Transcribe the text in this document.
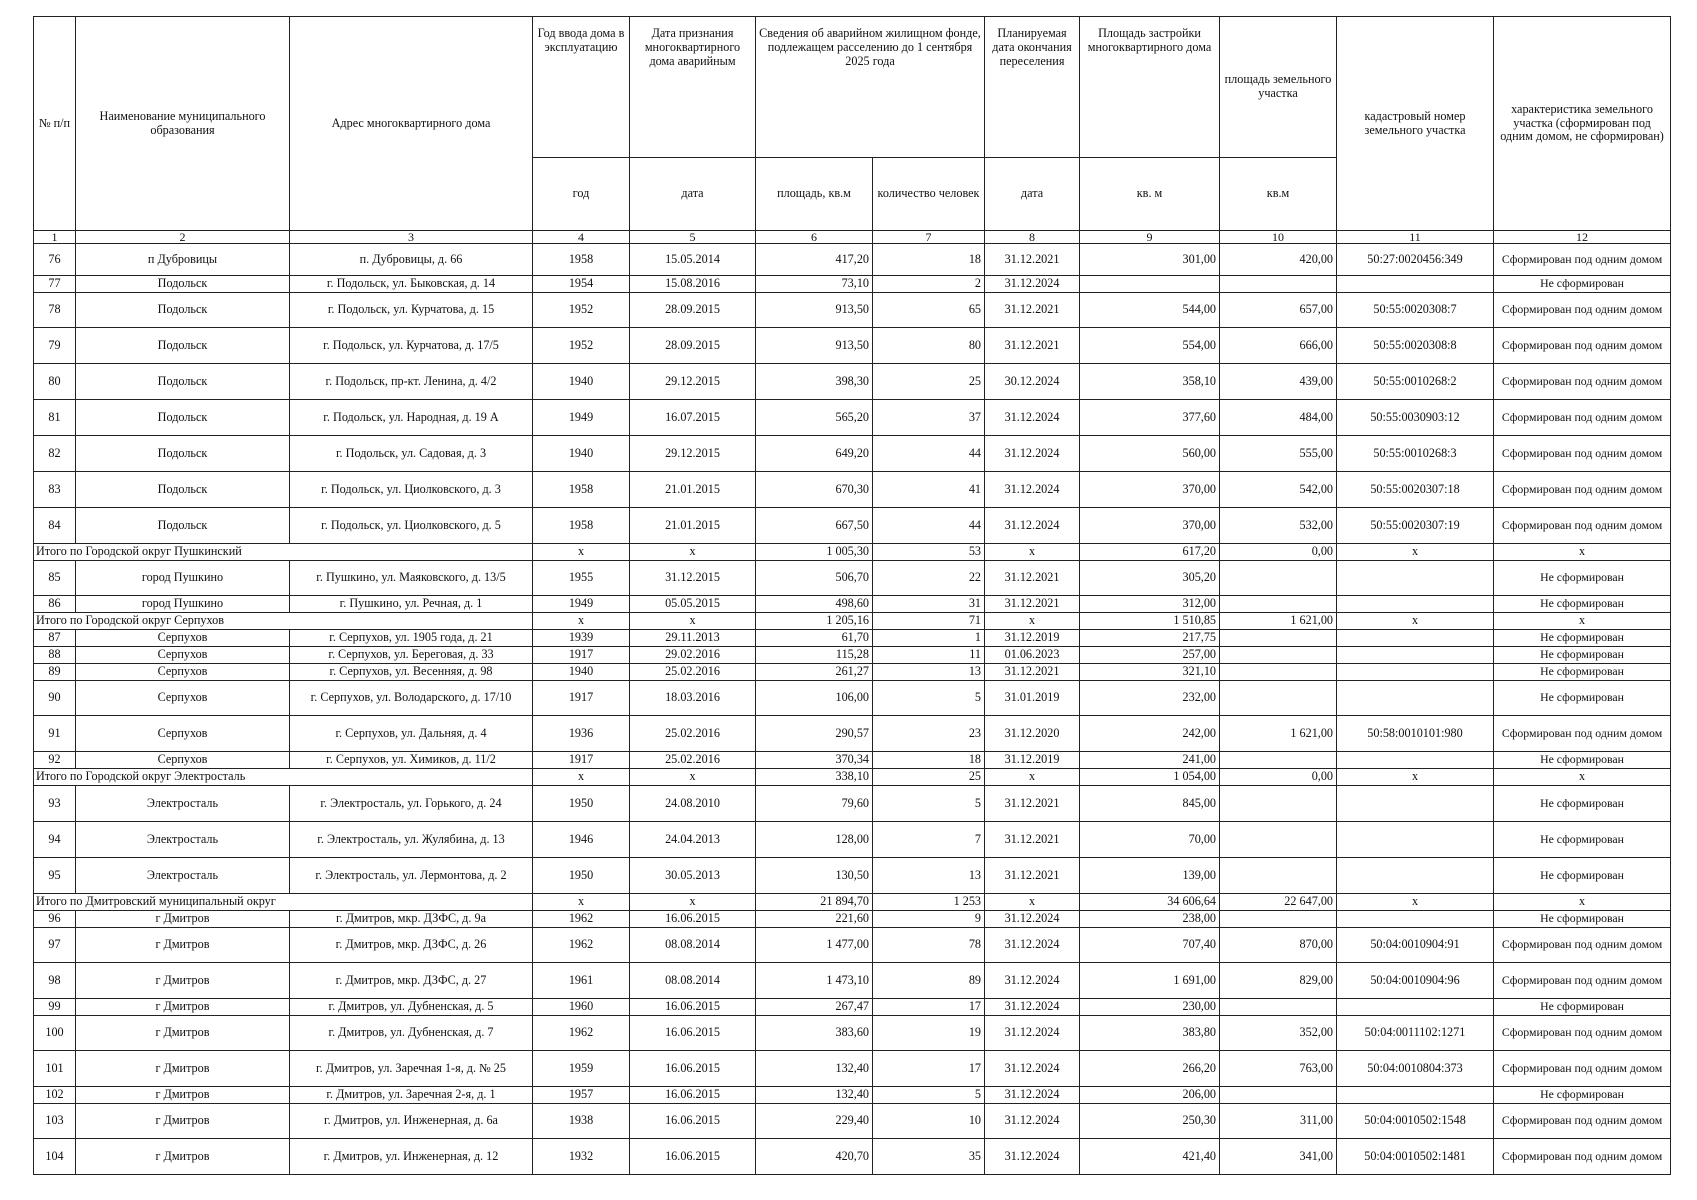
№ п/п	Наименование муниципального образования	Адрес многоквартирного дома	Год ввода дома в эксплуатацию	Дата признания многоквартирного дома аварийным	Сведения об аварийном жилищном фонде, подлежащем расселению до 1 сентября 2025 года		Планируемая дата окончания переселения	Площадь застройки многоквартирного дома	площадь земельного участка	кадастровый номер земельного участка	характеристика земельного участка (сформирован под одним домом, не сформирован)
			год	дата	площадь, кв.м	количество человек	дата	кв. м	кв.м		
1	2	3	4	5	6	7	8	9	10	11	12
76	п Дубровицы	п. Дубровицы, д. 66	1958	15.05.2014	417,20	18	31.12.2021	301,00	420,00	50:27:0020456:349	Сформирован под одним домом
77	Подольск	г. Подольск, ул. Быковская, д. 14	1954	15.08.2016	73,10	2	31.12.2024				Не сформирован
78	Подольск	г. Подольск, ул. Курчатова, д. 15	1952	28.09.2015	913,50	65	31.12.2021	544,00	657,00	50:55:0020308:7	Сформирован под одним домом
79	Подольск	г. Подольск, ул. Курчатова, д. 17/5	1952	28.09.2015	913,50	80	31.12.2021	554,00	666,00	50:55:0020308:8	Сформирован под одним домом
80	Подольск	г. Подольск, пр-кт. Ленина, д. 4/2	1940	29.12.2015	398,30	25	30.12.2024	358,10	439,00	50:55:0010268:2	Сформирован под одним домом
81	Подольск	г. Подольск, ул. Народная, д. 19 А	1949	16.07.2015	565,20	37	31.12.2024	377,60	484,00	50:55:0030903:12	Сформирован под одним домом
82	Подольск	г. Подольск, ул. Садовая, д. 3	1940	29.12.2015	649,20	44	31.12.2024	560,00	555,00	50:55:0010268:3	Сформирован под одним домом
83	Подольск	г. Подольск, ул. Циолковского, д. 3	1958	21.01.2015	670,30	41	31.12.2024	370,00	542,00	50:55:0020307:18	Сформирован под одним домом
84	Подольск	г. Подольск, ул. Циолковского, д. 5	1958	21.01.2015	667,50	44	31.12.2024	370,00	532,00	50:55:0020307:19	Сформирован под одним домом
Итого по Городской округ Пушкинский			х	х	1 005,30	53	х	617,20	0,00	х	х
85	город Пушкино	г. Пушкино, ул. Маяковского, д. 13/5	1955	31.12.2015	506,70	22	31.12.2021	305,20			Не сформирован
86	город Пушкино	г. Пушкино, ул. Речная, д. 1	1949	05.05.2015	498,60	31	31.12.2021	312,00			Не сформирован
Итого по Городской округ Серпухов			х	х	1 205,16	71	х	1 510,85	1 621,00	х	х
87	Серпухов	г. Серпухов, ул. 1905 года, д. 21	1939	29.11.2013	61,70	1	31.12.2019	217,75			Не сформирован
88	Серпухов	г. Серпухов, ул. Береговая, д. 33	1917	29.02.2016	115,28	11	01.06.2023	257,00			Не сформирован
89	Серпухов	г. Серпухов, ул. Весенняя, д. 98	1940	25.02.2016	261,27	13	31.12.2021	321,10			Не сформирован
90	Серпухов	г. Серпухов, ул. Володарского, д. 17/10	1917	18.03.2016	106,00	5	31.01.2019	232,00			Не сформирован
91	Серпухов	г. Серпухов, ул. Дальняя, д. 4	1936	25.02.2016	290,57	23	31.12.2020	242,00	1 621,00	50:58:0010101:980	Сформирован под одним домом
92	Серпухов	г. Серпухов, ул. Химиков, д. 11/2	1917	25.02.2016	370,34	18	31.12.2019	241,00			Не сформирован
Итого по Городской округ Электросталь			х	х	338,10	25	х	1 054,00	0,00	х	х
93	Электросталь	г. Электросталь, ул. Горького, д. 24	1950	24.08.2010	79,60	5	31.12.2021	845,00			Не сформирован
94	Электросталь	г. Электросталь, ул. Жулябина, д. 13	1946	24.04.2013	128,00	7	31.12.2021	70,00			Не сформирован
95	Электросталь	г. Электросталь, ул. Лермонтова, д. 2	1950	30.05.2013	130,50	13	31.12.2021	139,00			Не сформирован
Итого по Дмитровский муниципальный округ			х	х	21 894,70	1 253	х	34 606,64	22 647,00	х	х
96	г Дмитров	г. Дмитров, мкр. ДЗФС, д. 9а	1962	16.06.2015	221,60	9	31.12.2024	238,00			Не сформирован
97	г Дмитров	г. Дмитров, мкр. ДЗФС, д. 26	1962	08.08.2014	1 477,00	78	31.12.2024	707,40	870,00	50:04:0010904:91	Сформирован под одним домом
98	г Дмитров	г. Дмитров, мкр. ДЗФС, д. 27	1961	08.08.2014	1 473,10	89	31.12.2024	1 691,00	829,00	50:04:0010904:96	Сформирован под одним домом
99	г Дмитров	г. Дмитров, ул. Дубненская, д. 5	1960	16.06.2015	267,47	17	31.12.2024	230,00			Не сформирован
100	г Дмитров	г. Дмитров, ул. Дубненская, д. 7	1962	16.06.2015	383,60	19	31.12.2024	383,80	352,00	50:04:0011102:1271	Сформирован под одним домом
101	г Дмитров	г. Дмитров, ул. Заречная 1-я, д. № 25	1959	16.06.2015	132,40	17	31.12.2024	266,20	763,00	50:04:0010804:373	Сформирован под одним домом
102	г Дмитров	г. Дмитров, ул. Заречная 2-я, д. 1	1957	16.06.2015	132,40	5	31.12.2024	206,00			Не сформирован
103	г Дмитров	г. Дмитров, ул. Инженерная, д. 6а	1938	16.06.2015	229,40	10	31.12.2024	250,30	311,00	50:04:0010502:1548	Сформирован под одним домом
104	г Дмитров	г. Дмитров, ул. Инженерная, д. 12	1932	16.06.2015	420,70	35	31.12.2024	421,40	341,00	50:04:0010502:1481	Сформирован под одним домом
